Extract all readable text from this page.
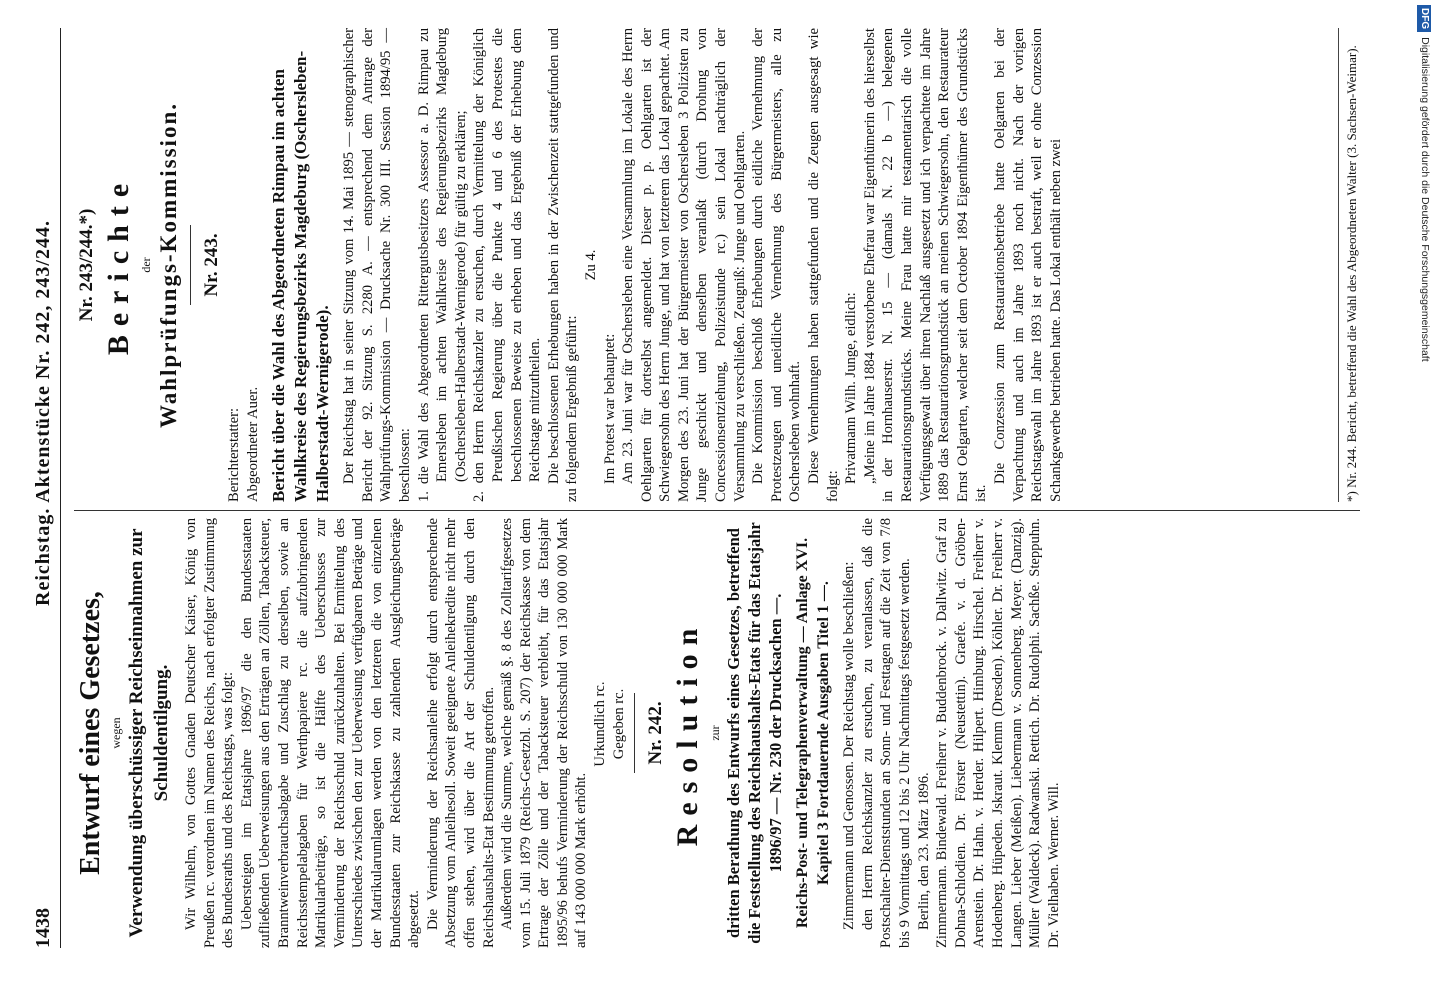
1438
Reichstag. Aktenstücke Nr. 242, 243/244.
Entwurf eines Gesetzes, wegen Verwendung überschüssiger Reichseinnahmen zur Schuldentilgung. Wir Wilhelm, von Gottes Gnaden Deutscher Kaiser, König von Preußen rc. verordnen im Namen des Reichs, nach erfolgter Zustimmung des Bundesraths und des Reichstags, was folgt: Uebersteigen im Etatsjahre 1896/97 die den Bundesstaaten zufließenden Ueberweisungen aus den Erträgen an Zöllen, Tabacksteuer, Branntweinverbrauchsabgabe und Zuschlag zu derselben, sowie an Reichsstempelabgaben für Werthpapiere rc. die aufzubringenden Matrikularbeiträge, so ist die Hälfte des Ueberschusses zur Verminderung der Reichsschuld zurückzuhalten. Bei Ermittelung des Unterschiedes zwischen den zur Ueberweisung verfügbaren Beträge und der Matrikularumlagen werden von den letzteren die von einzelnen Bundesstaaten zur Reichskasse zu zahlenden Ausgleichungsbeträge abgesetzt. Die Verminderung der Reichsanleihe erfolgt durch entsprechende Absetzung vom Anleihesoll. Soweit geeignete Anleihekredite nicht mehr offen stehen, wird über die Art der Schuldentilgung durch den Reichshaushalts-Etat Bestimmung getroffen. Außerdem wird die Summe, welche gemäß §. 8 des Zolltarifgesetzes vom 15. Juli 1879 (Reichs-Gesetzbl. S. 207) der Reichskasse von dem Ertrage der Zölle und der Tabacksteuer verbleibt, für das Etatsjahr 1895/96 behufs Verminderung der Reichsschuld von 130 000 000 Mark auf 143 000 000 Mark erhöht.

Urkundlich rc. Gegeben rc. Nr. 242. Resolution zur dritten Berathung des Entwurfs eines Gesetzes, betreffend die Feststellung des Reichshaushalts-Etats für das Etatsjahr 1896/97 — Nr. 230 der Drucksachen —. Reichs-Post- und Telegraphenverwaltung — Anlage XVI. Kapitel 3 Fortdauernde Ausgaben Titel 1 —. Zimmermann und Genossen. Der Reichstag wolle beschließen: den Herrn Reichskanzler zu ersuchen, zu veranlassen, daß die Postschalter-Dienststunden an Sonn- und Festtagen auf die Zeit von 7/8 bis 9 Vormittags und 12 bis 2 Uhr Nachmittags festgesetzt werden. Berlin, den 23. März 1896. Zimmermann. Bindewald. Freiherr v. Buddenbrock. v. Dallwitz. Graf zu Dohna-Schlodien. Dr. Förster (Neustettin). Graefe. v. d. Gröben-Arenstein. Dr. Hahn. v. Herder. Hilpert. Himburg. Hirschel. Freiherr v. Hodenberg. Hüpeden. Jskraut. Klemm (Dresden). Köhler. Dr. Freiherr v. Langen. Lieber (Meißen). Liebermann v. Sonnenberg. Meyer. (Danzig). Müller (Waldeck). Radwanski. Rettich. Dr. Rudolphi. Sachße. Steppuhn. Dr. Vielhaben. Werner. Will.

Nr. 243/244.*) Berichte der Wahlprüfungs-Kommission. Nr. 243.

Berichterstatter: Abgeordneter Auer. Bericht über die Wahl des Abgeordneten Rimpau im achten Wahlkreise des Regierungsbezirks Magdeburg (Oschersleben-Halberstadt-Wernigerode). Der Reichstag hat in seiner Sitzung vom 14. Mai 1895 — stenographischer Bericht der 92. Sitzung S. 2280 A. — entsprechend dem Antrage der Wahlprüfungs-Kommission — Drucksache Nr. 300 III. Session 1894/95 — beschlossen: 1. die Wahl des Abgeordneten Rittergutsbesitzers Assessor a. D. Rimpau zu Emersleben im achten Wahlkreise des Regierungsbezirks Magdeburg (Oschersleben-Halberstadt-Wernigerode) für gültig zu erklären; 2. den Herrn Reichskanzler zu ersuchen, durch Vermittelung der Königlich Preußischen Regierung über die Punkte 4 und 6 des Protestes die beschlossenen Beweise zu erheben und das Ergebniß der Erhebung dem Reichstage mitzutheilen. Die beschlossenen Erhebungen haben in der Zwischenzeit stattgefunden und zu folgendem Ergebniß geführt:

Zu 4.

Im Protest war behauptet: Am 23. Juni war für Oschersleben eine Versammlung im Lokale des Herrn Oehlgarten für dortselbst angemeldet. Dieser p. p. Oehlgarten ist der Schwiegersohn des Herrn Junge, und hat von letzterem das Lokal gepachtet. Am Morgen des 23. Juni hat der Bürgermeister von Oschersleben 3 Polizisten zu Junge geschickt und denselben veranlaßt (durch Drohung von Concessionsentziehung, Polizeistunde rc.) sein Lokal nachträglich der Versammlung zu verschließen. Zeugniß: Junge und Oehlgarten. Die Kommission beschloß Erhebungen durch eidliche Vernehmung der Protestzeugen und uneidliche Vernehmung des Bürgermeisters, alle zu Oschersleben wohnhaft. Diese Vernehmungen haben stattgefunden und die Zeugen ausgesagt wie folgt:

Privatmann Wilh. Junge, eidlich: „Meine im Jahre 1884 verstorbene Ehefrau war Eigenthümerin des hierselbst in der Hornhauserstr. N. 15 — (damals N. 22 b —) belegenen Restaurationsgrundstücks. Meine Frau hatte mir testamentarisch die volle Verfügungsgewalt über ihren Nachlaß ausgesetzt und ich verpachtete im Jahre 1889 das Restaurationsgrundstück an meinen Schwiegersohn, den Restaurateur Ernst Oelgarten, welcher seit dem October 1894 Eigenthümer des Grundstücks ist.

Die Conzession zum Restaurationsbetriebe hatte Oelgarten bei der Verpachtung und auch im Jahre 1893 noch nicht. Nach der vorigen Reichstagswahl im Jahre 1893 ist er auch bestraft, weil er ohne Conzession Schankgewerbe betrieben hatte. Das Lokal enthält neben zwei	*) Nr. 244. Bericht, betreffend die Wahl des Abgeordneten Walter (3. Sachsen-Weimar).
DFGDigitalisierung gefördert durch die Deutsche Forschungsgemeinschaft
